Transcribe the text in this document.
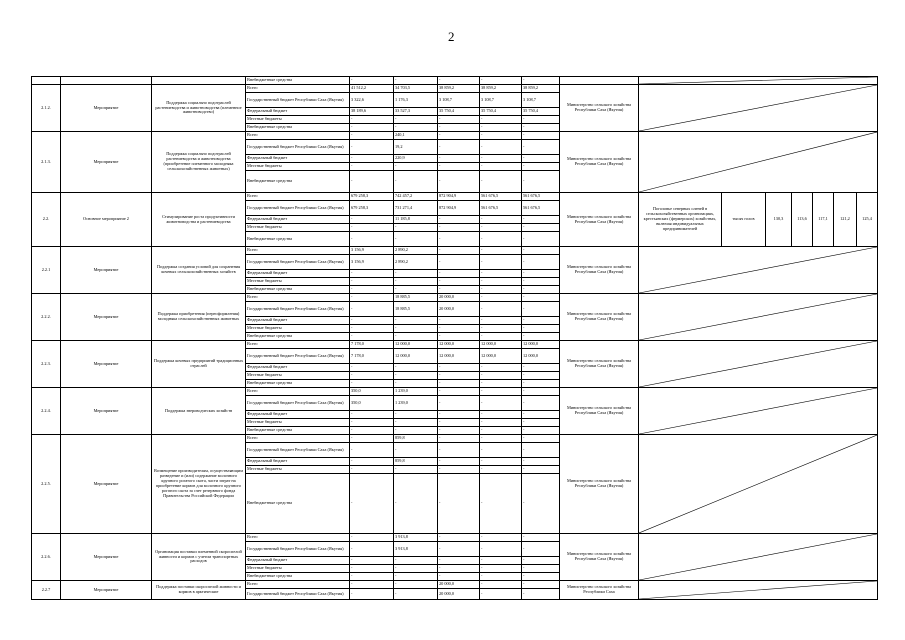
2
			Внебюджетные средства	-	-	-	-	-		

2.1.2.	Мероприятие	Поддержка социально подотраслей растениеводства и животноводства (племенное животноводство)	Всего	41 512,2	34 703,5	38 859,2	38 859,2	38 859,2	Министерство сельского хозяйства Республики Саха (Якутия)	

			Государственный бюджет Республики Саха (Якутия)	3 322,6	1 176,3	3 108,7	3 108,7	3 108,7								
			Федеральный бюджет	38 189,6	33 527,3	35 750,4	35 750,4	35 750,4								
			Местные бюджеты	-	-	-	-	-								
			Внебюджетные средства	-	-	-	-	-								
2.1.3.	Мероприятие	Поддержка социально подотраслей растениеводства и животноводства (приобретение племенного молодняка сельскохозяйственных животных)	Всего	-	240,1	-	-	-	Министерство сельского хозяйства Республики Саха (Якутия)	

			Государственный бюджет Республики Саха (Якутия)	-	19,2	-	-	-								
			Федеральный бюджет	-	220,9	-	-	-								
			Местные бюджеты	-	-	-	-	-								
			Внебюджетные средства	-	-	-	-	-								
2.2.	Основное мероприятие 2	Стимулирование роста продуктивности животноводства и растениеводства	Всего	679 258,3	742 457,2	872 904,9	561 676,5	561 676,5	Министерство сельского хозяйства Республики Саха (Якутия)	Поголовье северных оленей в сельскохозяйственных организациях, крестьянских (фермерских) хозяйствах, включая индивидуальных предпринимателей	тысяч голов	130,3	113,6	117,1	121,2	125,4
			Государственный бюджет Республики Саха (Якутия)	679 258,3	731 271,4	872 904,9	561 676,5	561 676,5								
			Федеральный бюджет	-	11 185,8	-	-	-								
			Местные бюджеты	-	-	-	-	-								
			Внебюджетные средства	-	-	-	-	-								
2.2.1	Мероприятие	Поддержка создания условий для сохранения кочевых сельскохозяйственных хозяйств	Всего	3 156,9	2 890,2	-	-	-	Министерство сельского хозяйства Республики Саха (Якутия)	

			Государственный бюджет Республики Саха (Якутия)	3 156,9	2 890,2	-	-	-								
			Федеральный бюджет	-	-	-	-	-								
			Местные бюджеты	-	-	-	-	-								
			Внебюджетные средства	-	-	-	-	-								
2.2.2.	Мероприятие	Поддержка приобретения (переоформления) молодняка сельскохозяйственных животных	Всего	-	18 885,5	20 000,0	-	-	Министерство сельского хозяйства Республики Саха (Якутия)	

			Государственный бюджет Республики Саха (Якутия)	-	18 885,5	20 000,0	-	-								
			Федеральный бюджет	-	-	-	-	-								
			Местные бюджеты	-	-	-	-	-								
			Внебюджетные средства	-	-	-	-	-								
2.2.3.	Мероприятие	Поддержка кочевых предприятий традиционных отраслей	Всего	7 178,0	12 000,0	12 000,0	12 000,0	12 000,0	Министерство сельского хозяйства Республики Саха (Якутия)	

			Государственный бюджет Республики Саха (Якутия)	7 178,0	12 000,0	12 000,0	12 000,0	12 000,0								
			Федеральный бюджет	-	-	-	-	-								
			Местные бюджеты	-	-	-	-	-								
			Внебюджетные средства	-	-	-	-	-								
2.2.4.	Мероприятие	Поддержка звероводческих хозяйств	Всего	350,0	1 239,0	-	-	-	Министерство сельского хозяйства Республики Саха (Якутия)	

			Государственный бюджет Республики Саха (Якутия)	350,0	1 239,0	-	-	-								
			Федеральный бюджет	-	-	-	-	-								
			Местные бюджеты	-	-	-	-	-								
			Внебюджетные средства	-	-	-	-	-								
2.2.5.	Мероприятие	Возмещение производителям, осуществляющим разведение и (или) содержание молочного крупного рогатого скота, части затрат на приобретение кормов для молочного крупного рогатого скота за счет резервного фонда Правительства Российской Федерации	Всего	-	859,8	-	-	-	Министерство сельского хозяйства Республики Саха (Якутия)	

			Государственный бюджет Республики Саха (Якутия)	-	-	-	-	-								
			Федеральный бюджет	-	859,8	-	-	-								
			Местные бюджеты	-	-	-	-	-								
			Внебюджетные средства	-	-	-	-	-								
2.2.6.	Мероприятие	Организация поставки племенной скороспелой живности и кормов с учетом транспортных расходов	Всего	-	3 913,8	-	-	-	Министерство сельского хозяйства Республики Саха (Якутия)	

			Государственный бюджет Республики Саха (Якутия)	-	3 913,8	-	-	-								
			Федеральный бюджет	-	-	-	-	-								
			Местные бюджеты	-	-	-	-	-								
			Внебюджетные средства	-	-	-	-	-								
2.2.7	Мероприятие	Поддержка поставки скороспелой живности и кормов в арктические	Всего	-	-	20 000,0	-	-	Министерство сельского хозяйства Республики Саха	

			Государственный бюджет Республики Саха (Якутия)	-	-	20 000,0	-	-								
